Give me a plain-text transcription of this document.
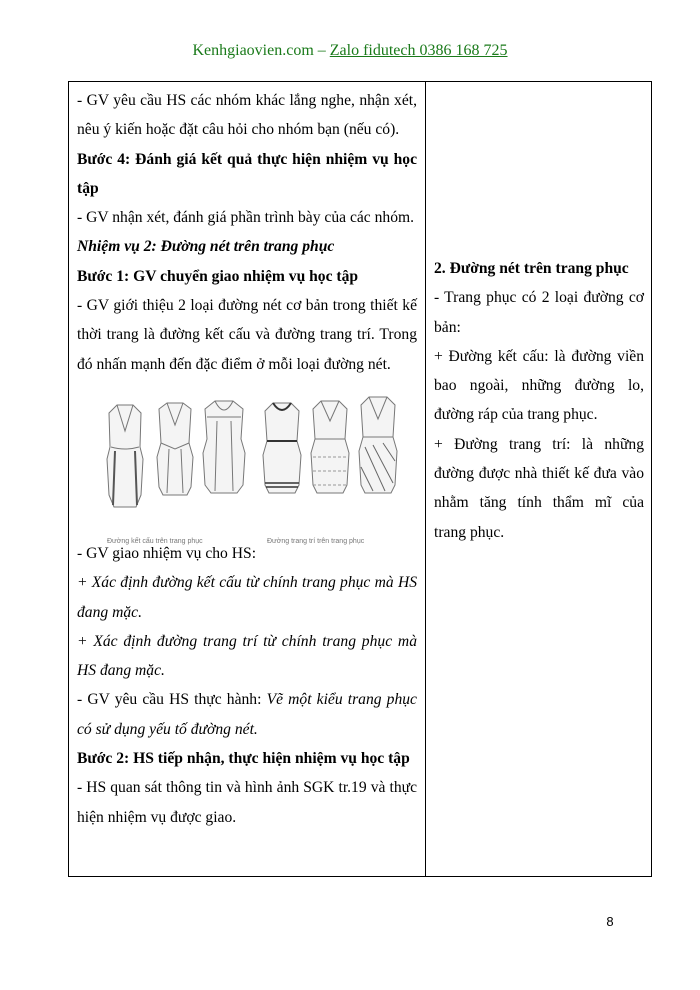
Kenhgiaovien.com – Zalo fidutech 0386 168 725

- GV yêu cầu HS các nhóm khác lắng nghe, nhận xét, nêu ý kiến hoặc đặt câu hỏi cho nhóm bạn (nếu có).

Bước 4: Đánh giá kết quả thực hiện nhiệm vụ học tập

- GV nhận xét, đánh giá phần trình bày của các nhóm.

Nhiệm vụ 2: Đường nét trên trang phục

Bước 1: GV chuyển giao nhiệm vụ học tập

- GV giới thiệu 2 loại đường nét cơ bản trong thiết kế thời trang là đường kết cấu và đường trang trí. Trong đó nhấn mạnh đến đặc điểm ở mỗi loại đường nét.

Đường kết cấu trên trang phục	Đường trang trí trên trang phục

- GV giao nhiệm vụ cho HS:

+ Xác định đường kết cấu từ chính trang phục mà HS đang mặc.

+ Xác định đường trang trí từ chính trang phục mà HS đang mặc.

- GV yêu cầu HS thực hành: Vẽ một kiểu trang phục có sử dụng yếu tố đường nét.

Bước 2: HS tiếp nhận, thực hiện nhiệm vụ học tập

- HS quan sát thông tin và hình ảnh SGK tr.19 và thực hiện nhiệm vụ được giao.

2. Đường nét trên trang phục

- Trang phục có 2 loại đường cơ bản:

+ Đường kết cấu: là đường viền bao ngoài, những đường lo, đường ráp của trang phục.

+ Đường trang trí: là những đường được nhà thiết kế đưa vào nhằm tăng tính thẩm mĩ của trang phục.

8
